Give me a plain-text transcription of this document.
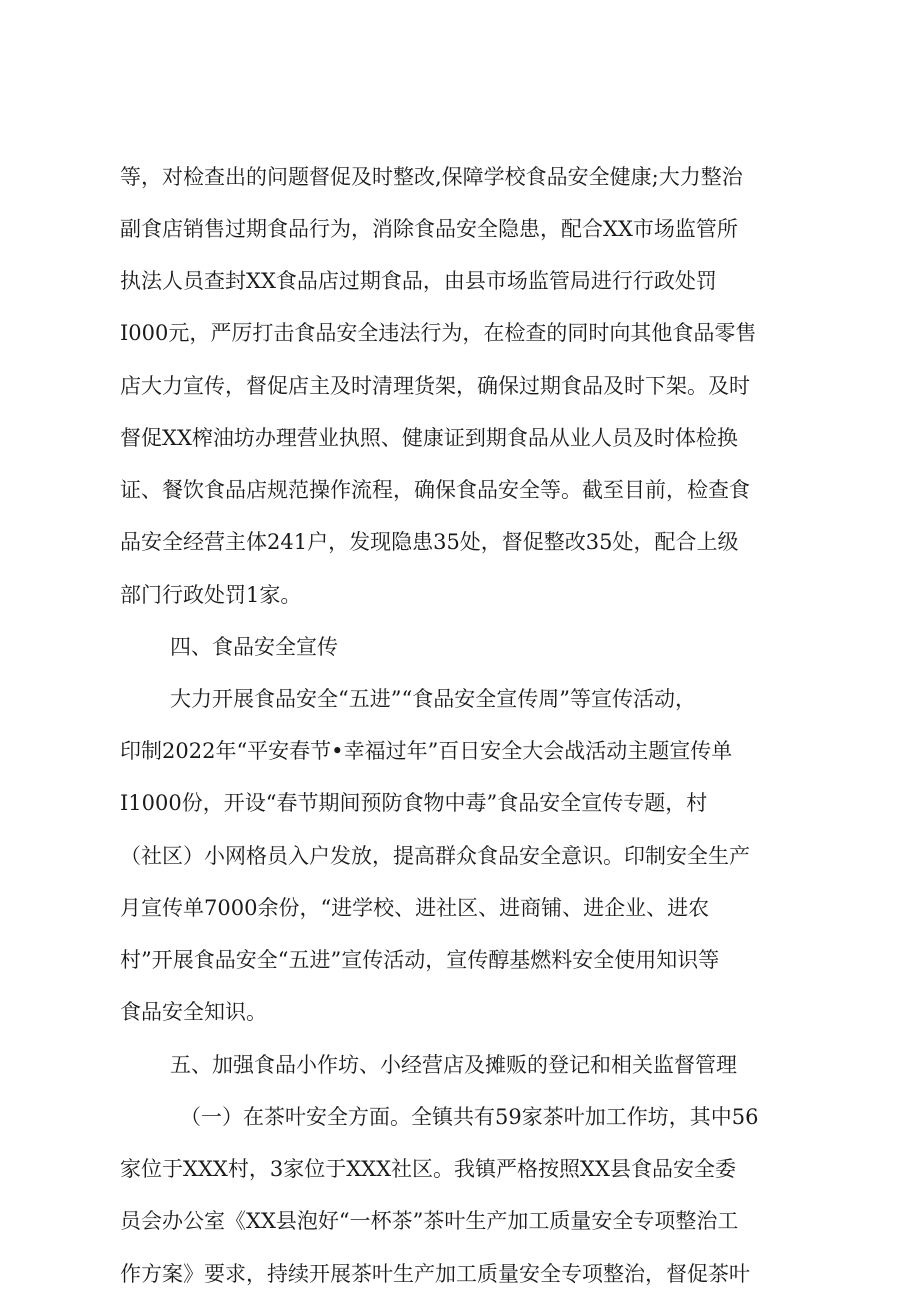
等，对检查出的问题督促及时整改,保障学校食品安全健康;大力整治
副食店销售过期食品行为，消除食品安全隐患，配合XX市场监管所
执法人员查封XX食品店过期食品，由县市场监管局进行行政处罚
I000元，严厉打击食品安全违法行为，在检查的同时向其他食品零售
店大力宣传，督促店主及时清理货架，确保过期食品及时下架。及时
督促XX榨油坊办理营业执照、健康证到期食品从业人员及时体检换
证、餐饮食品店规范操作流程，确保食品安全等。截至目前，检查食
品安全经营主体241户，发现隐患35处，督促整改35处，配合上级
部门行政处罚1家。
四、食品安全宣传
大力开展食品安全“五进”“食品安全宣传周”等宣传活动，
印制2022年“平安春节•幸福过年”百日安全大会战活动主题宣传单
I1000份，开设“春节期间预防食物中毒”食品安全宣传专题，村
（社区）小网格员入户发放，提高群众食品安全意识。印制安全生产
月宣传单7000余份，“进学校、进社区、进商铺、进企业、进农
村”开展食品安全“五进”宣传活动，宣传醇基燃料安全使用知识等
食品安全知识。
五、加强食品小作坊、小经营店及摊贩的登记和相关监督管理
（一）在茶叶安全方面。全镇共有59家茶叶加工作坊，其中56
家位于XXX村，3家位于XXX社区。我镇严格按照XX县食品安全委
员会办公室《XX县泡好“一杯茶”茶叶生产加工质量安全专项整治工
作方案》要求，持续开展茶叶生产加工质量安全专项整治，督促茶叶
